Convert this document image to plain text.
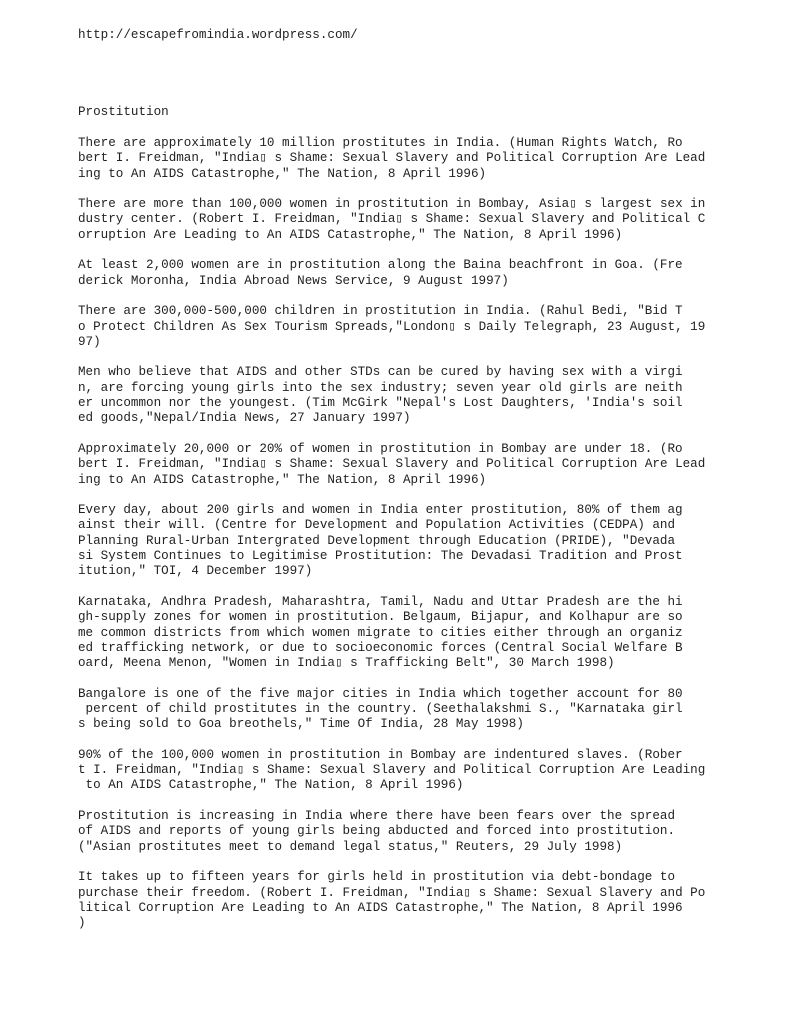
http://escapefromindia.wordpress.com/
Prostitution
There are approximately 10 million prostitutes in India. (Human Rights Watch, Ro
bert I. Freidman, "India▯ s Shame: Sexual Slavery and Political Corruption Are Lead
ing to An AIDS Catastrophe," The Nation, 8 April 1996)
There are more than 100,000 women in prostitution in Bombay, Asia▯ s largest sex in
dustry center. (Robert I. Freidman, "India▯ s Shame: Sexual Slavery and Political C
orruption Are Leading to An AIDS Catastrophe," The Nation, 8 April 1996)
At least 2,000 women are in prostitution along the Baina beachfront in Goa. (Fre
derick Moronha, India Abroad News Service, 9 August 1997)
There are 300,000-500,000 children in prostitution in India. (Rahul Bedi, "Bid T
o Protect Children As Sex Tourism Spreads,"London▯ s Daily Telegraph, 23 August, 19
97)
Men who believe that AIDS and other STDs can be cured by having sex with a virgi
n, are forcing young girls into the sex industry; seven year old girls are neith
er uncommon nor the youngest. (Tim McGirk "Nepal's Lost Daughters, 'India's soil
ed goods,"Nepal/India News, 27 January 1997)
Approximately 20,000 or 20% of women in prostitution in Bombay are under 18. (Ro
bert I. Freidman, "India▯ s Shame: Sexual Slavery and Political Corruption Are Lead
ing to An AIDS Catastrophe," The Nation, 8 April 1996)
Every day, about 200 girls and women in India enter prostitution, 80% of them ag
ainst their will. (Centre for Development and Population Activities (CEDPA) and
Planning Rural-Urban Intergrated Development through Education (PRIDE), "Devada
si System Continues to Legitimise Prostitution: The Devadasi Tradition and Prost
itution," TOI, 4 December 1997)
Karnataka, Andhra Pradesh, Maharashtra, Tamil, Nadu and Uttar Pradesh are the hi
gh-supply zones for women in prostitution. Belgaum, Bijapur, and Kolhapur are so
me common districts from which women migrate to cities either through an organiz
ed trafficking network, or due to socioeconomic forces (Central Social Welfare B
oard, Meena Menon, "Women in India▯ s Trafficking Belt", 30 March 1998)
Bangalore is one of the five major cities in India which together account for 80
percent of child prostitutes in the country. (Seethalakshmi S., "Karnataka girl
s being sold to Goa breothels," Time Of India, 28 May 1998)
90% of the 100,000 women in prostitution in Bombay are indentured slaves. (Rober
t I. Freidman, "India▯ s Shame: Sexual Slavery and Political Corruption Are Leading
to An AIDS Catastrophe," The Nation, 8 April 1996)
Prostitution is increasing in India where there have been fears over the spread
of AIDS and reports of young girls being abducted and forced into prostitution.
("Asian prostitutes meet to demand legal status," Reuters, 29 July 1998)
It takes up to fifteen years for girls held in prostitution via debt-bondage to
purchase their freedom. (Robert I. Freidman, "India▯ s Shame: Sexual Slavery and Po
litical Corruption Are Leading to An AIDS Catastrophe," The Nation, 8 April 1996
)
